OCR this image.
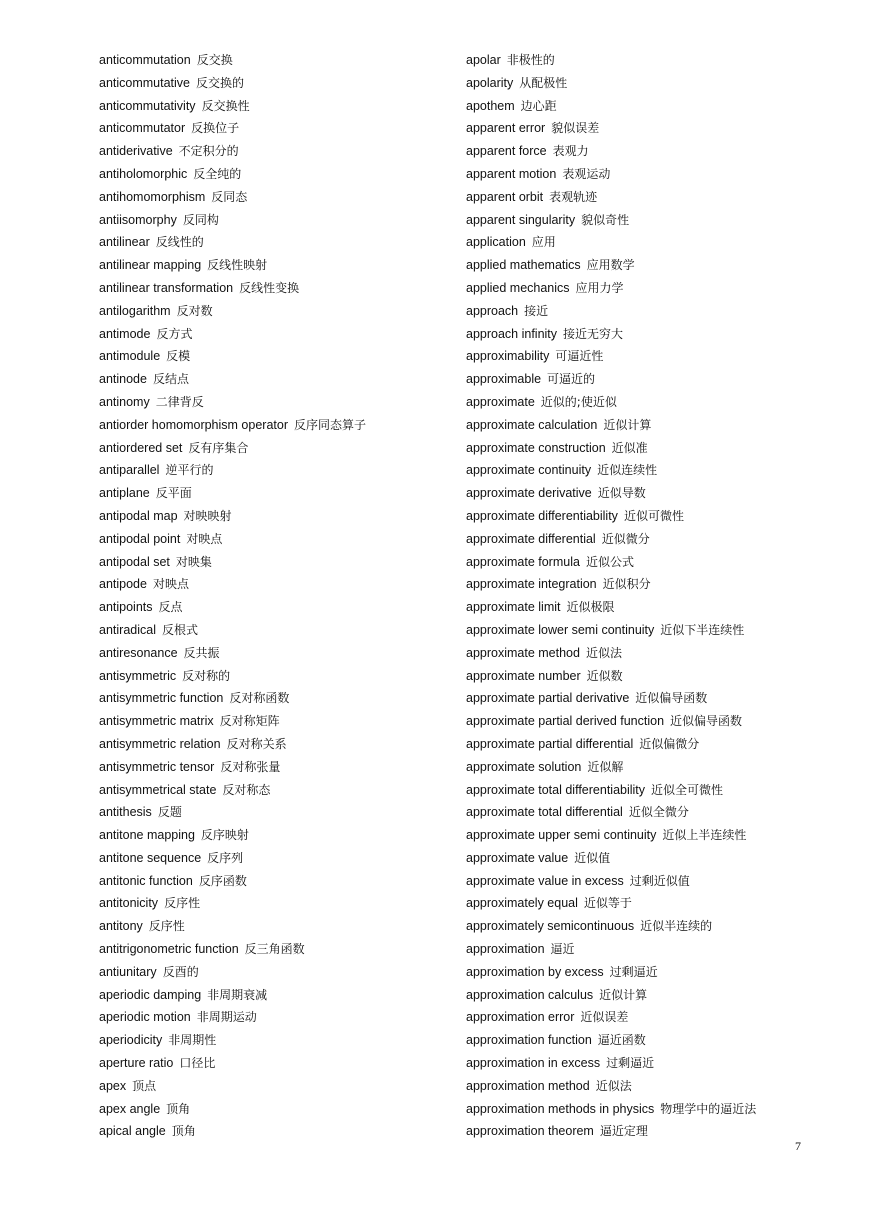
anticommutation 反交换
anticommutative 反交换的
anticommutativity 反交换性
anticommutator 反换位子
antiderivative 不定积分的
antiholomorphic 反全纯的
antihomomorphism 反同态
antiisomorphy 反同构
antilinear 反线性的
antilinear mapping 反线性映射
antilinear transformation 反线性变换
antilogarithm 反对数
antimode 反方式
antimodule 反模
antinode 反结点
antinomy 二律背反
antiorder homomorphism operator 反序同态算子
antiordered set 反有序集合
antiparallel 逆平行的
antiplane 反平面
antipodal map 对映映射
antipodal point 对映点
antipodal set 对映集
antipode 对映点
antipoints 反点
antiradical 反根式
antiresonance 反共振
antisymmetric 反对称的
antisymmetric function 反对称函数
antisymmetric matrix 反对称矩阵
antisymmetric relation 反对称关系
antisymmetric tensor 反对称张量
antisymmetrical state 反对称态
antithesis 反题
antitone mapping 反序映射
antitone sequence 反序列
antitonic function 反序函数
antitonicity 反序性
antitony 反序性
antitrigonometric function 反三角函数
antiunitary 反酉的
aperiodic damping 非周期衰减
aperiodic motion 非周期运动
aperiodicity 非周期性
aperture ratio 口径比
apex 顶点
apex angle 顶角
apical angle 顶角
apolar 非极性的
apolarity 从配极性
apothem 边心距
apparent error 貌似误差
apparent force 表观力
apparent motion 表观运动
apparent orbit 表观轨迹
apparent singularity 貌似奇性
application 应用
applied mathematics 应用数学
applied mechanics 应用力学
approach 接近
approach infinity 接近无穷大
approximability 可逼近性
approximable 可逼近的
approximate 近似的;使近似
approximate calculation 近似计算
approximate construction 近似准
approximate continuity 近似连续性
approximate derivative 近似导数
approximate differentiability 近似可微性
approximate differential 近似微分
approximate formula 近似公式
approximate integration 近似积分
approximate limit 近似极限
approximate lower semi continuity 近似下半连续性
approximate method 近似法
approximate number 近似数
approximate partial derivative 近似偏导函数
approximate partial derived function 近似偏导函数
approximate partial differential 近似偏微分
approximate solution 近似解
approximate total differentiability 近似全可微性
approximate total differential 近似全微分
approximate upper semi continuity 近似上半连续性
approximate value 近似值
approximate value in excess 过剩近似值
approximately equal 近似等于
approximately semicontinuous 近似半连续的
approximation 逼近
approximation by excess 过剩逼近
approximation calculus 近似计算
approximation error 近似误差
approximation function 逼近函数
approximation in excess 过剩逼近
approximation method 近似法
approximation methods in physics 物理学中的逼近法
approximation theorem 逼近定理
7
